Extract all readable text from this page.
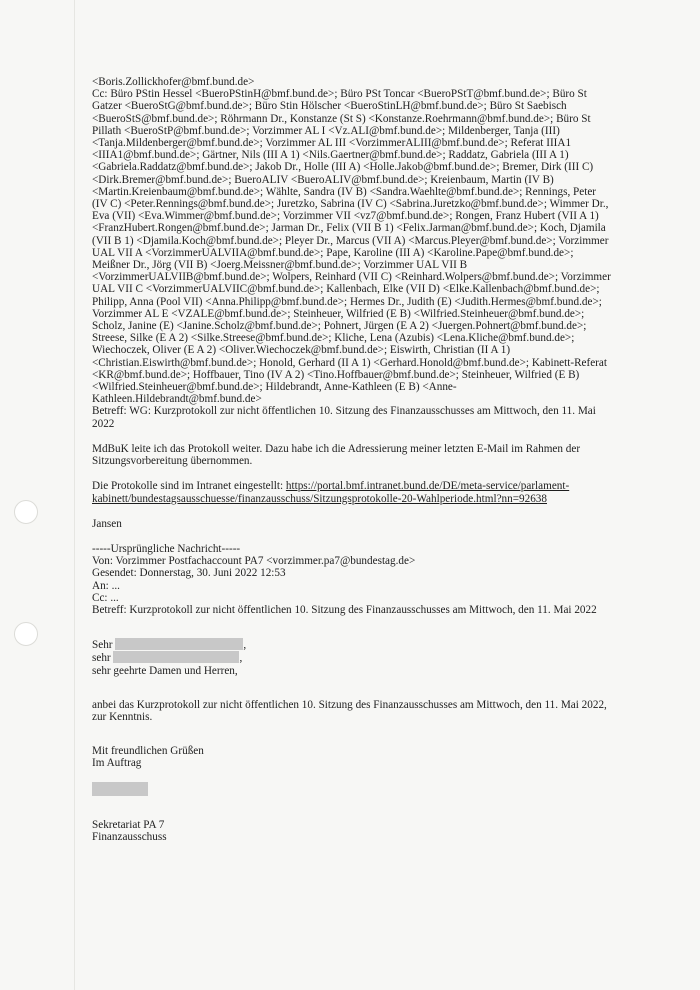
<Boris.Zollickhofer@bmf.bund.de>

Cc: Büro PStin Hessel <BueroPStinH@bmf.bund.de>; Büro PSt Toncar <BueroPStT@bmf.bund.de>; Büro St Gatzer <BueroStG@bmf.bund.de>; Büro Stin Hölscher <BueroStinLH@bmf.bund.de>; Büro St Saebisch <BueroStS@bmf.bund.de>; Röhrmann Dr., Konstanze (St S) <Konstanze.Roehrmann@bmf.bund.de>; Büro St Pillath <BueroStP@bmf.bund.de>; Vorzimmer AL I <Vz.ALI@bmf.bund.de>; Mildenberger, Tanja (III) <Tanja.Mildenberger@bmf.bund.de>; Vorzimmer AL III <VorzimmerALIII@bmf.bund.de>; Referat IIIA1 <IIIA1@bmf.bund.de>; Gärtner, Nils (III A 1) <Nils.Gaertner@bmf.bund.de>; Raddatz, Gabriela (III A 1) <Gabriela.Raddatz@bmf.bund.de>; Jakob Dr., Holle (III A) <Holle.Jakob@bmf.bund.de>; Bremer, Dirk (III C) <Dirk.Bremer@bmf.bund.de>; BueroALIV <BueroALIV@bmf.bund.de>; Kreienbaum, Martin (IV B) <Martin.Kreienbaum@bmf.bund.de>; Wählte, Sandra (IV B) <Sandra.Waehlte@bmf.bund.de>; Rennings, Peter (IV C) <Peter.Rennings@bmf.bund.de>; Juretzko, Sabrina (IV C) <Sabrina.Juretzko@bmf.bund.de>; Wimmer Dr., Eva (VII) <Eva.Wimmer@bmf.bund.de>; Vorzimmer VII <vz7@bmf.bund.de>; Rongen, Franz Hubert (VII A 1) <FranzHubert.Rongen@bmf.bund.de>; Jarman Dr., Felix (VII B 1) <Felix.Jarman@bmf.bund.de>; Koch, Djamila (VII B 1) <Djamila.Koch@bmf.bund.de>; Pleyer Dr., Marcus (VII A) <Marcus.Pleyer@bmf.bund.de>; Vorzimmer UAL VII A <VorzimmerUALVIIA@bmf.bund.de>; Pape, Karoline (III A) <Karoline.Pape@bmf.bund.de>; Meißner Dr., Jörg (VII B) <Joerg.Meissner@bmf.bund.de>; Vorzimmer UAL VII B <VorzimmerUALVIIB@bmf.bund.de>; Wolpers, Reinhard (VII C) <Reinhard.Wolpers@bmf.bund.de>; Vorzimmer UAL VII C <VorzimmerUALVIIC@bmf.bund.de>; Kallenbach, Elke (VII D) <Elke.Kallenbach@bmf.bund.de>; Philipp, Anna (Pool VII) <Anna.Philipp@bmf.bund.de>; Hermes Dr., Judith (E) <Judith.Hermes@bmf.bund.de>; Vorzimmer AL E <VZALE@bmf.bund.de>; Steinheuer, Wilfried (E B) <Wilfried.Steinheuer@bmf.bund.de>; Scholz, Janine (E) <Janine.Scholz@bmf.bund.de>; Pohnert, Jürgen (E A 2) <Juergen.Pohnert@bmf.bund.de>; Streese, Silke (E A 2) <Silke.Streese@bmf.bund.de>; Kliche, Lena (Azubis) <Lena.Kliche@bmf.bund.de>; Wiechoczek, Oliver (E A 2) <Oliver.Wiechoczek@bmf.bund.de>; Eiswirth, Christian (II A 1) <Christian.Eiswirth@bmf.bund.de>; Honold, Gerhard (II A 1) <Gerhard.Honold@bmf.bund.de>; Kabinett-Referat <KR@bmf.bund.de>; Hoffbauer, Tino (IV A 2) <Tino.Hoffbauer@bmf.bund.de>; Steinheuer, Wilfried (E B) <Wilfried.Steinheuer@bmf.bund.de>; Hildebrandt, Anne-Kathleen (E B) <Anne-Kathleen.Hildebrandt@bmf.bund.de>

Betreff: WG: Kurzprotokoll zur nicht öffentlichen 10. Sitzung des Finanzausschusses am Mittwoch, den 11. Mai 2022

MdBuK leite ich das Protokoll weiter. Dazu habe ich die Adressierung meiner letzten E-Mail im Rahmen der Sitzungsvorbereitung übernommen.

Die Protokolle sind im Intranet eingestellt: https://portal.bmf.intranet.bund.de/DE/meta-service/parlament-kabinett/bundestagsausschuesse/finanzausschuss/Sitzungsprotokolle-20-Wahlperiode.html?nn=92638

Jansen

-----Ursprüngliche Nachricht-----

Von: Vorzimmer Postfachaccount PA7 <vorzimmer.pa7@bundestag.de>

Gesendet: Donnerstag, 30. Juni 2022 12:53

An: ...

Cc: ...

Betreff: Kurzprotokoll zur nicht öffentlichen 10. Sitzung des Finanzausschusses am Mittwoch, den 11. Mai 2022

Sehr	,

sehr	,

sehr geehrte Damen und Herren,

anbei das Kurzprotokoll zur nicht öffentlichen 10. Sitzung des Finanzausschusses am Mittwoch, den 11. Mai 2022, zur Kenntnis.

Mit freundlichen Grüßen

Im Auftrag

Sekretariat PA 7

Finanzausschuss
